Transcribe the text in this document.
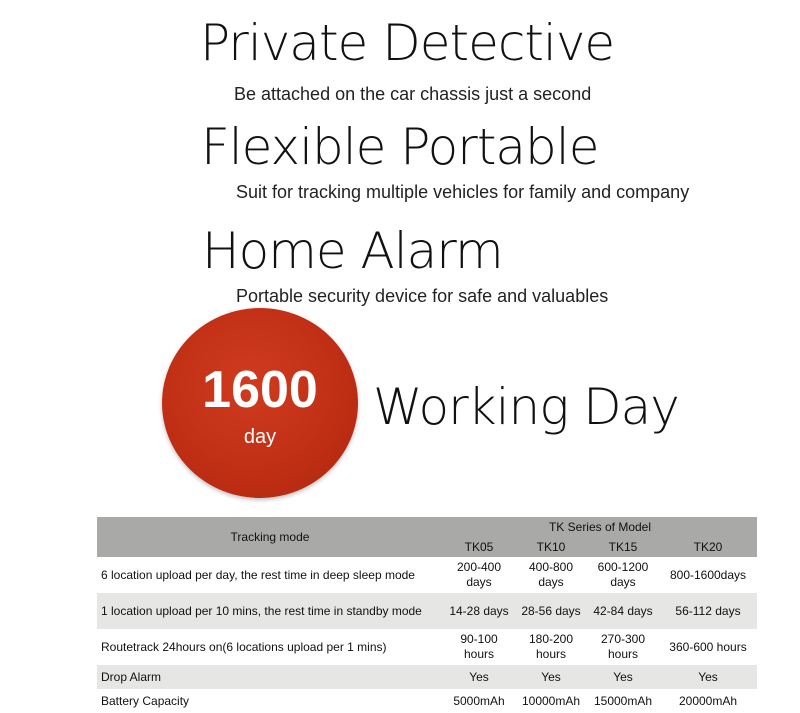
Private Detective
Be attached on the car chassis just a second
Flexible Portable
Suit for tracking multiple vehicles for family and company
Home Alarm
Portable security device for safe and valuables
1600
day
Working Day
Tracking mode	TK Series of Model			
	TK05	TK10	TK15	TK20
6 location upload per day, the rest time in deep sleep mode	200-400 days	400-800 days	600-1200 days	800-1600days
1 location upload per 10 mins, the rest time in standby mode	14-28 days	28-56 days	42-84 days	56-112 days
Routetrack 24hours on(6 locations upload per 1 mins)	90-100 hours	180-200 hours	270-300 hours	360-600 hours
Drop Alarm	Yes	Yes	Yes	Yes
Battery Capacity	5000mAh	10000mAh	15000mAh	20000mAh
